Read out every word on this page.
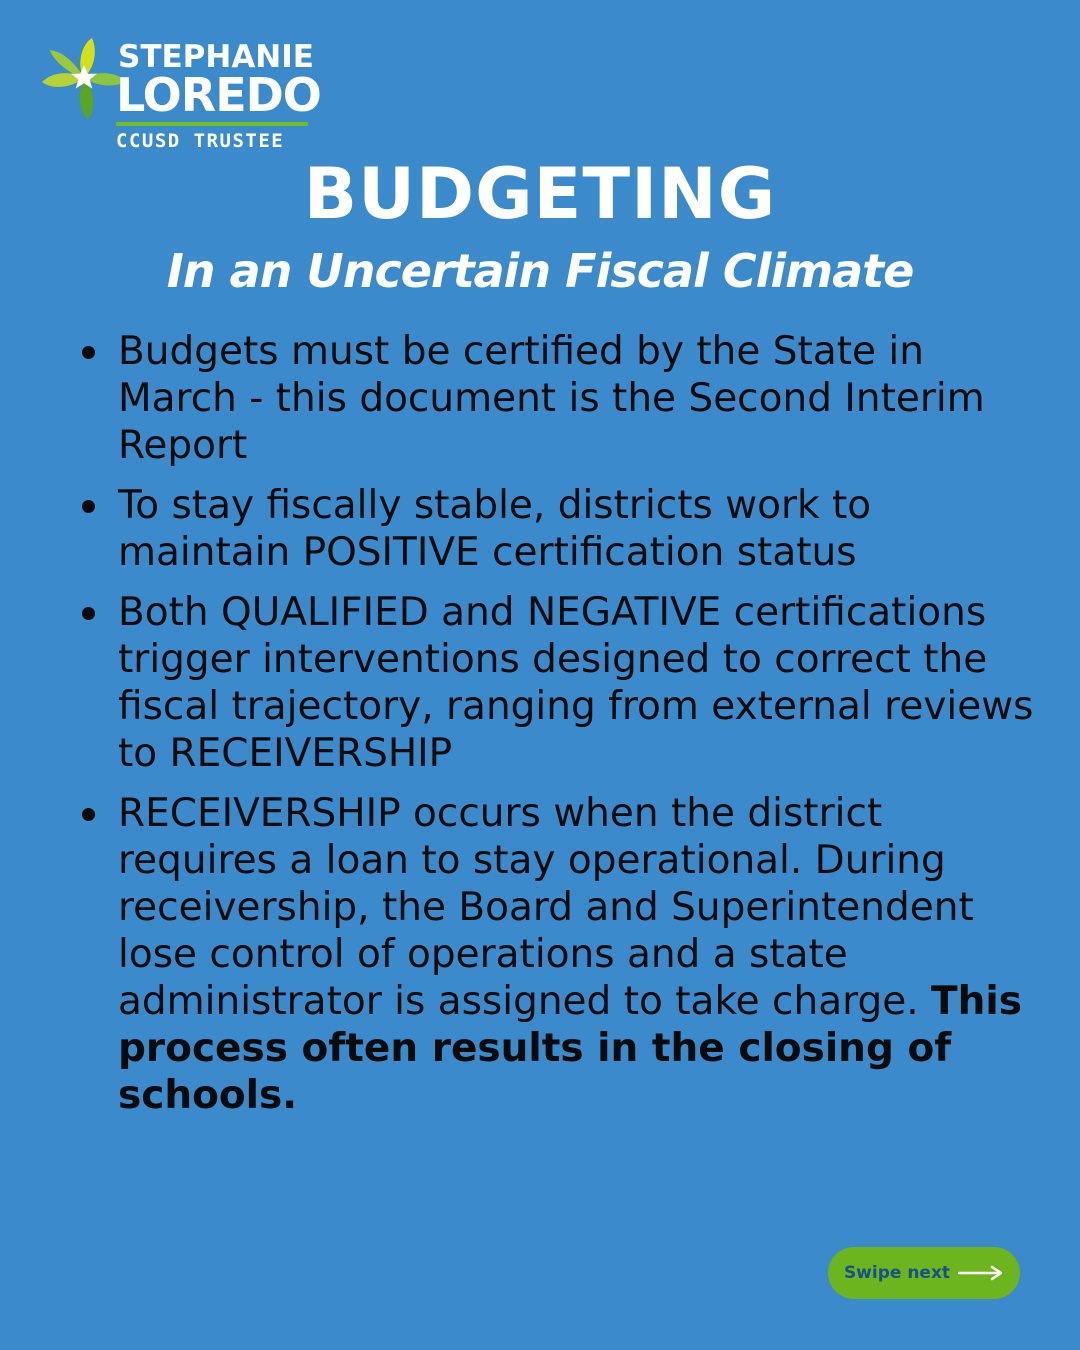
STEPHANIE
LOREDO
CCUSD TRUSTEE
BUDGETING
In an Uncertain Fiscal Climate
Budgets must be certified by the State in March - this document is the Second Interim Report
To stay fiscally stable, districts work to maintain POSITIVE certification status
Both QUALIFIED and NEGATIVE certifications trigger interventions designed to correct the fiscal trajectory, ranging from external reviews to RECEIVERSHIP
RECEIVERSHIP occurs when the district requires a loan to stay operational. During receivership, the Board and Superintendent lose control of operations and a state administrator is assigned to take charge. This process often results in the closing of schools.
Swipe next
